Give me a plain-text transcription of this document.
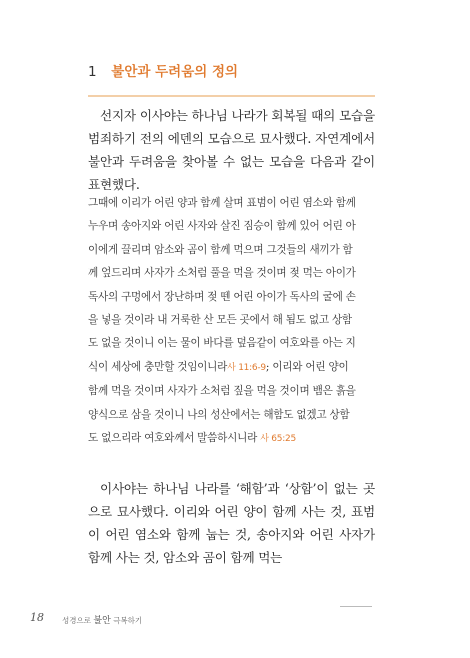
1 불안과 두려움의 정의

선지자 이사야는 하나님 나라가 회복될 때의 모습을 범죄하기 전의 에덴의 모습으로 묘사했다. 자연계에서 불안과 두려움을 찾아볼 수 없는 모습을 다음과 같이 표현했다.

그때에 이리가 어린 양과 함께 살며 표범이 어린 염소와 함께
누우며 송아지와 어린 사자와 살진 짐승이 함께 있어 어린 아
이에게 끌리며 암소와 곰이 함께 먹으며 그것들의 새끼가 함
께 엎드리며 사자가 소처럼 풀을 먹을 것이며 젖 먹는 아이가
독사의 구멍에서 장난하며 젖 뗀 어린 아이가 독사의 굴에 손
을 넣을 것이라 내 거룩한 산 모든 곳에서 해 됨도 없고 상함
도 없을 것이니 이는 물이 바다를 덮음같이 여호와를 아는 지
식이 세상에 충만할 것임이니라사 11:6-9; 이리와 어린 양이
함께 먹을 것이며 사자가 소처럼 짚을 먹을 것이며 뱀은 흙을
양식으로 삼을 것이니 나의 성산에서는 해함도 없겠고 상함
도 없으리라 여호와께서 말씀하시니라 사 65:25

이사야는 하나님 나라를 ‘해함’과 ‘상함’이 없는 곳으로 묘사했다. 이리와 어린 양이 함께 사는 것, 표범이 어린 염소와 함께 눕는 것, 송아지와 어린 사자가 함께 사는 것, 암소와 곰이 함께 먹는

18 성경으로 불안 극복하기
